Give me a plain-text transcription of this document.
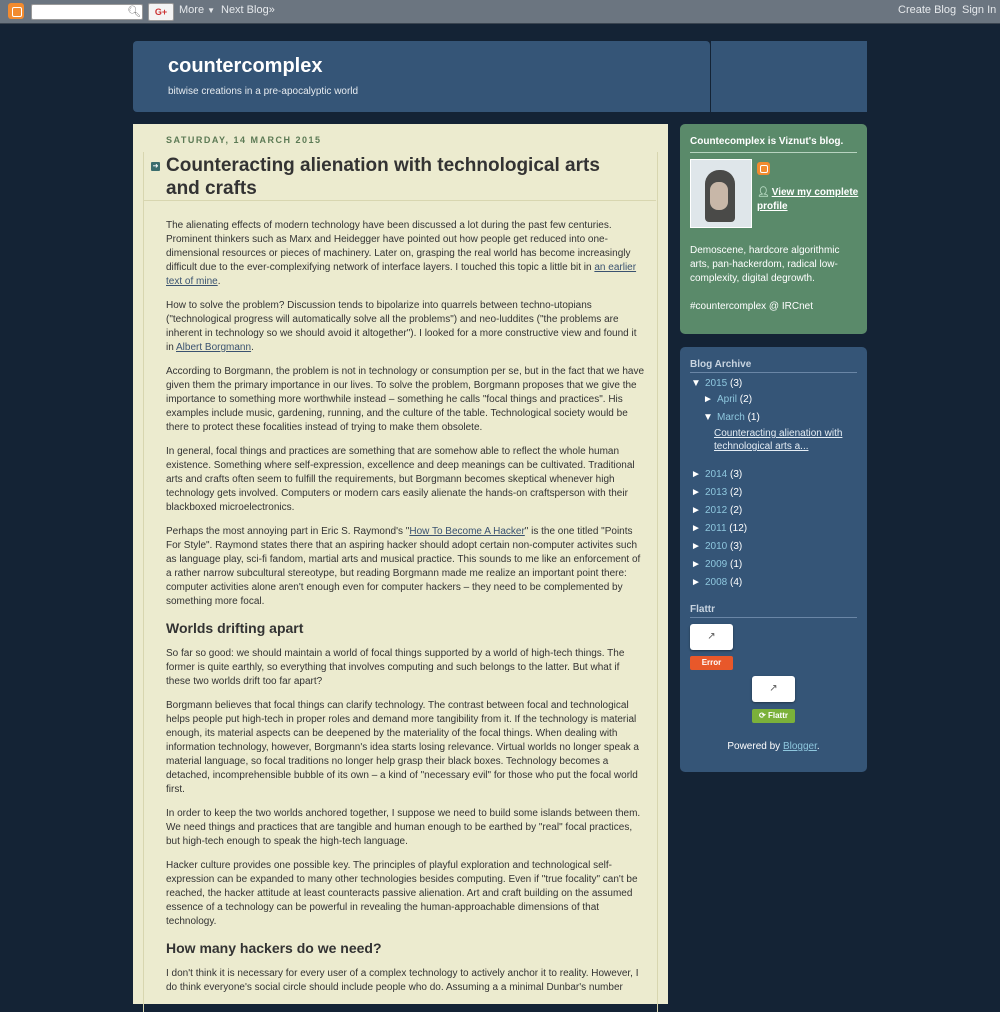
🔍︎	G+	More ▼ Next Blog»	Create Blog Sign In
countercomplex
bitwise creations in a pre-apocalyptic world
SATURDAY, 14 MARCH 2015
➜ Counteracting alienation with technological arts and crafts

The alienating effects of modern technology have been discussed a lot during the past few centuries. Prominent thinkers such as Marx and Heidegger have pointed out how people get reduced into one-dimensional resources or pieces of machinery. Later on, grasping the real world has become increasingly difficult due to the ever-complexifying network of interface layers. I touched this topic a little bit in an earlier text of mine.

How to solve the problem? Discussion tends to bipolarize into quarrels between techno-utopians ("technological progress will automatically solve all the problems") and neo-luddites ("the problems are inherent in technology so we should avoid it altogether"). I looked for a more constructive view and found it in Albert Borgmann.

According to Borgmann, the problem is not in technology or consumption per se, but in the fact that we have given them the primary importance in our lives. To solve the problem, Borgmann proposes that we give the importance to something more worthwhile instead – something he calls "focal things and practices". His examples include music, gardening, running, and the culture of the table. Technological society would be there to protect these focalities instead of trying to make them obsolete.

In general, focal things and practices are something that are somehow able to reflect the whole human existence. Something where self-expression, excellence and deep meanings can be cultivated. Traditional arts and crafts often seem to fulfill the requirements, but Borgmann becomes skeptical whenever high technology gets involved. Computers or modern cars easily alienate the hands-on craftsperson with their blackboxed microelectronics.

Perhaps the most annoying part in Eric S. Raymond's "How To Become A Hacker" is the one titled "Points For Style". Raymond states there that an aspiring hacker should adopt certain non-computer activites such as language play, sci-fi fandom, martial arts and musical practice. This sounds to me like an enforcement of a rather narrow subcultural stereotype, but reading Borgmann made me realize an important point there: computer activities alone aren't enough even for computer hackers – they need to be complemented by something more focal.

Worlds drifting apart

So far so good: we should maintain a world of focal things supported by a world of high-tech things. The former is quite earthly, so everything that involves computing and such belongs to the latter. But what if these two worlds drift too far apart?

Borgmann believes that focal things can clarify technology. The contrast between focal and technological helps people put high-tech in proper roles and demand more tangibility from it. If the technology is material enough, its material aspects can be deepened by the materiality of the focal things. When dealing with information technology, however, Borgmann's idea starts losing relevance. Virtual worlds no longer speak a material language, so focal traditions no longer help grasp their black boxes. Technology becomes a detached, incomprehensible bubble of its own – a kind of "necessary evil" for those who put the focal world first.

In order to keep the two worlds anchored together, I suppose we need to build some islands between them. We need things and practices that are tangible and human enough to be earthed by "real" focal practices, but high-tech enough to speak the high-tech language.

Hacker culture provides one possible key. The principles of playful exploration and technological self-expression can be expanded to many other technologies besides computing. Even if "true focality" can't be reached, the hacker attitude at least counteracts passive alienation. Art and craft building on the assumed essence of a technology can be powerful in revealing the human-approachable dimensions of that technology.

How many hackers do we need?

I don't think it is necessary for every user of a complex technology to actively anchor it to reality. However, I do think everyone's social circle should include people who do. Assuming a a minimal Dunbar's number

Countecomplex is Viznut's blog.
👤︎ View my complete profile
Demoscene, hardcore algorithmic arts, pan-hackerdom, radical low-complexity, digital degrowth.
#countercomplex @ IRCnet
Blog Archive
▼ 2015 (3)
► April (2)
▼ March (1)
Counteracting alienation with technological arts a...
► 2014 (3)
► 2013 (2)
► 2012 (2)
► 2011 (12)
► 2010 (3)
► 2009 (1)
► 2008 (4)
Flattr
↗
Error
↗
⟳ Flattr
Powered by Blogger.
